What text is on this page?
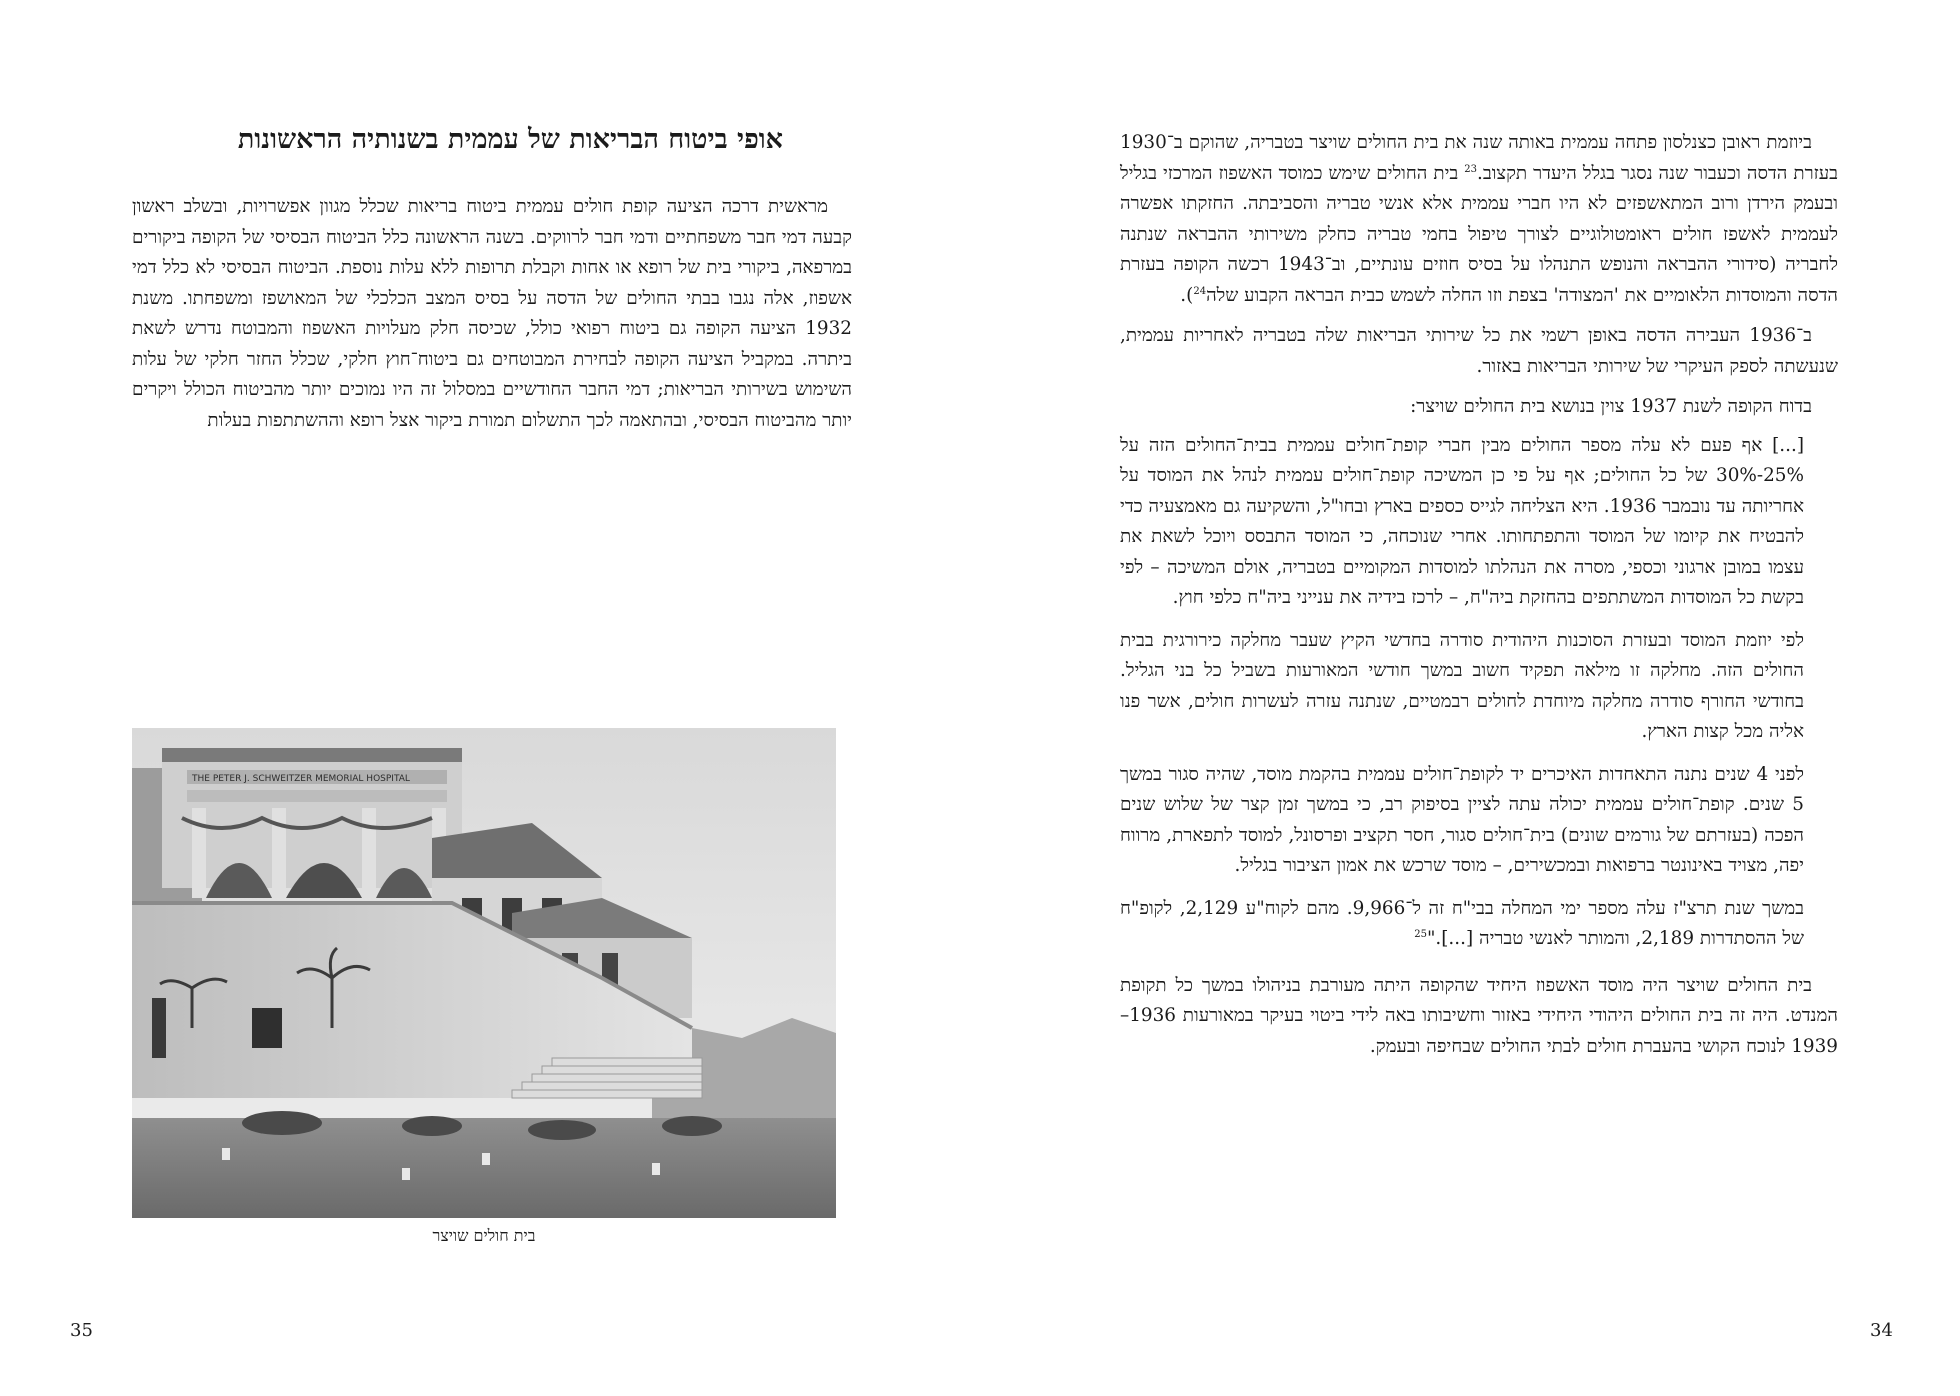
אופי ביטוח הבריאות של עממית בשנותיה הראשונות

מראשית דרכה הציעה קופת חולים עממית ביטוח בריאות שכלל מגוון אפשרויות, ובשלב ראשון קבעה דמי חבר משפחתיים ודמי חבר לרווקים. בשנה הראשונה כלל הביטוח הבסיסי של הקופה ביקורים במרפאה, ביקורי בית של רופא או אחות וקבלת תרופות ללא עלות נוספת. הביטוח הבסיסי לא כלל דמי אשפוז, אלה נגבו בבתי החולים של הדסה על בסיס המצב הכלכלי של המאושפז ומשפחתו. משנת 1932 הציעה הקופה גם ביטוח רפואי כולל, שכיסה חלק מעלויות האשפוז והמבוטח נדרש לשאת ביתרה. במקביל הציעה הקופה לבחירת המבוטחים גם ביטוח־חוץ חלקי, שכלל החזר חלקי של עלות השימוש בשירותי הבריאות; דמי החבר החודשיים במסלול זה היו נמוכים יותר מהביטוח הכולל ויקרים יותר מהביטוח הבסיסי, ובהתאמה לכך התשלום תמורת ביקור אצל רופא וההשתתפות בעלות

THE PETER J. SCHWEITZER MEMORIAL HOSPITAL
בית חולים שויצר
35

ביוזמת ראובן כצנלסון פתחה עממית באותה שנה את בית החולים שויצר בטבריה, שהוקם ב־1930 בעזרת הדסה וכעבור שנה נסגר בגלל היעדר תקצוב.$^{23}$ בית החולים שימש כמוסד האשפוז המרכזי בגליל ובעמק הירדן ורוב המתאשפזים לא היו חברי עממית אלא אנשי טבריה והסביבתה. החזקתו אפשרה לעממית לאשפז חולים ראומטולוגיים לצורך טיפול בחמי טבריה כחלק משירותי ההבראה שנתנה לחבריה (סידורי ההבראה והנופש התנהלו על בסיס חוזים עונתיים, וב־1943 רכשה הקופה בעזרת הדסה והמוסדות הלאומיים את 'המצודה' בצפת וזו החלה לשמש כבית הבראה הקבוע שלה$^{24}$).

ב־1936 העבירה הדסה באופן רשמי את כל שירותי הבריאות שלה בטבריה לאחריות עממית, שנעשתה לספק העיקרי של שירותי הבריאות באזור.

בדוח הקופה לשנת 1937 צוין בנושא בית החולים שויצר:

[...] אף פעם לא עלה מספר החולים מבין חברי קופת־חולים עממית בבית־החולים הזה על 25%-30% של כל החולים; אף על פי כן המשיכה קופת־חולים עממית לנהל את המוסד על אחריותה עד נובמבר 1936. היא הצליחה לגייס כספים בארץ ובחו"ל, והשקיעה גם מאמצעיה כדי להבטיח את קיומו של המוסד והתפתחותו. אחרי שנוכחה, כי המוסד התבסס ויוכל לשאת את עצמו במובן ארגוני וכספי, מסרה את הנהלתו למוסדות המקומיים בטבריה, אולם המשיכה – לפי בקשת כל המוסדות המשתתפים בהחזקת ביה"ח, – לרכז בידיה את ענייני ביה"ח כלפי חוץ.

לפי יוזמת המוסד ובעזרת הסוכנות היהודית סודרה בחדשי הקיץ שעבר מחלקה כירורגית בבית החולים הזה. מחלקה זו מילאה תפקיד חשוב במשך חודשי המאורעות בשביל כל בני הגליל. בחודשי החורף סודרה מחלקה מיוחדת לחולים רבמטיים, שנתנה עזרה לעשרות חולים, אשר פנו אליה מכל קצות הארץ.

לפני 4 שנים נתנה התאחדות האיכרים יד לקופת־חולים עממית בהקמת מוסד, שהיה סגור במשך 5 שנים. קופת־חולים עממית יכולה עתה לציין בסיפוק רב, כי במשך זמן קצר של שלוש שנים הפכה (בעזרתם של גורמים שונים) בית־חולים סגור, חסר תקציב ופרסונל, למוסד לתפארת, מרווח יפה, מצויד באינונטר ברפואות ובמכשירים, – מוסד שרכש את אמון הציבור בגליל.

במשך שנת תרצ"ז עלה מספר ימי המחלה בבי"ח זה ל־9,966. מהם לקוח"ע 2,129, לקופ"ח של ההסתדרות 2,189, והמותר לאנשי טבריה [...]."$^{25}$

בית החולים שויצר היה מוסד האשפוז היחיד שהקופה היתה מעורבת בניהולו במשך כל תקופת המנדט. היה זה בית החולים היהודי היחידי באזור וחשיבותו באה לידי ביטוי בעיקר במאורעות 1936–1939 לנוכח הקושי בהעברת חולים לבתי החולים שבחיפה ובעמק.

34
